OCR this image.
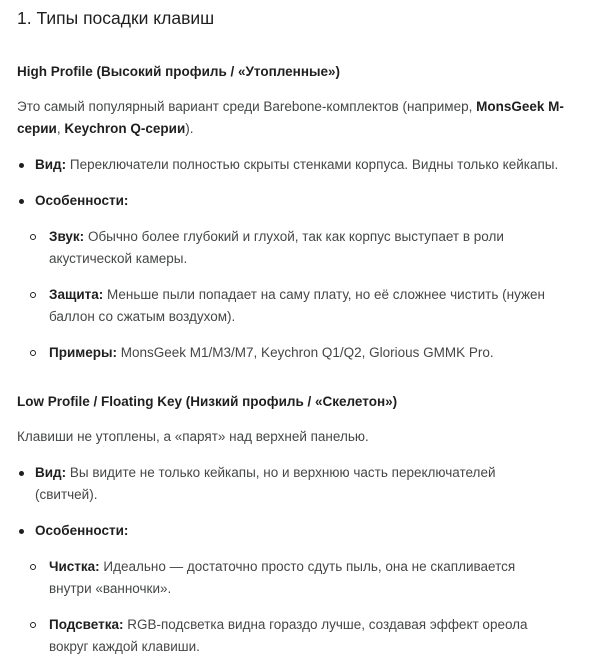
1. Типы посадки клавиш
High Profile (Высокий профиль / «Утопленные»)

Это самый популярный вариант среди Barebone-комплектов (например, MonsGeek M-серии, Keychron Q-серии).

Вид: Переключатели полностью скрыты стенками корпуса. Видны только кейкапы.
Особенности:
Звук: Обычно более глубокий и глухой, так как корпус выступает в роли акустической камеры.
Защита: Меньше пыли попадает на саму плату, но её сложнее чистить (нужен баллон со сжатым воздухом).
Примеры: MonsGeek M1/M3/M7, Keychron Q1/Q2, Glorious GMMK Pro.
Low Profile / Floating Key (Низкий профиль / «Скелетон»)

Клавиши не утоплены, а «парят» над верхней панелью.

Вид: Вы видите не только кейкапы, но и верхнюю часть переключателей (свитчей).
Особенности:
Чистка: Идеально — достаточно просто сдуть пыль, она не скапливается внутри «ванночки».
Подсветка: RGB-подсветка видна гораздо лучше, создавая эффект ореола вокруг каждой клавиши.
